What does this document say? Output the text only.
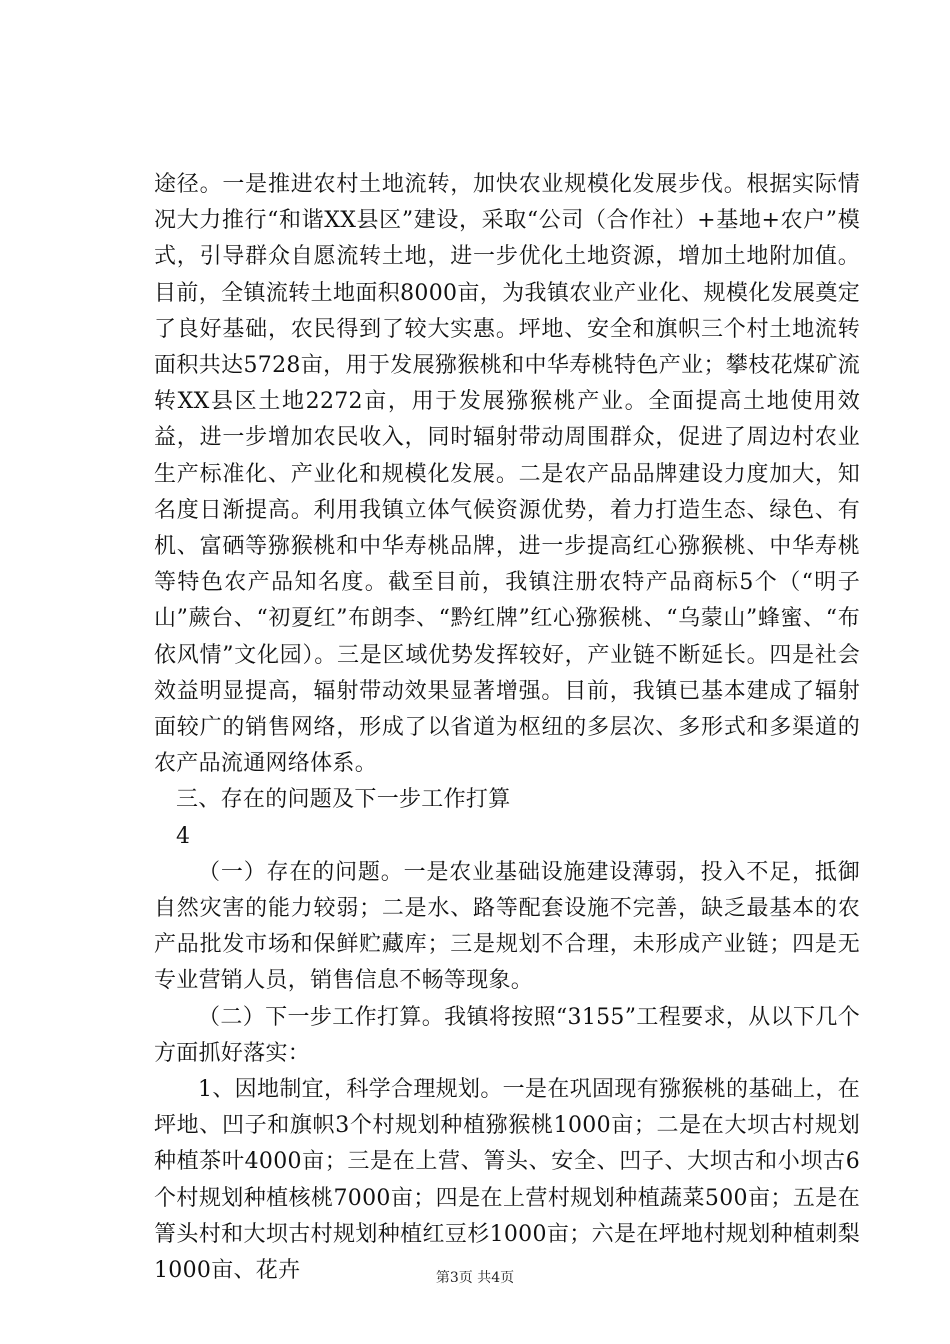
途径。一是推进农村土地流转，加快农业规模化发展步伐。根据实际情况大力推行“和谐XX县区”建设，采取“公司（合作社）+基地+农户”模式，引导群众自愿流转土地，进一步优化土地资源，增加土地附加值。目前，全镇流转土地面积8000亩，为我镇农业产业化、规模化发展奠定了良好基础，农民得到了较大实惠。坪地、安全和旗帜三个村土地流转面积共达5728亩，用于发展猕猴桃和中华寿桃特色产业；攀枝花煤矿流转XX县区土地2272亩，用于发展猕猴桃产业。全面提高土地使用效益，进一步增加农民收入，同时辐射带动周围群众，促进了周边村农业生产标准化、产业化和规模化发展。二是农产品品牌建设力度加大，知名度日渐提高。利用我镇立体气候资源优势，着力打造生态、绿色、有机、富硒等猕猴桃和中华寿桃品牌，进一步提高红心猕猴桃、中华寿桃等特色农产品知名度。截至目前，我镇注册农特产品商标5个（“明子山”蕨台、“初夏红”布朗李、“黔红牌”红心猕猴桃、“乌蒙山”蜂蜜、“布依风情”文化园）。三是区域优势发挥较好，产业链不断延长。四是社会效益明显提高，辐射带动效果显著增强。目前，我镇已基本建成了辐射面较广的销售网络，形成了以省道为枢纽的多层次、多形式和多渠道的农产品流通网络体系。

三、存在的问题及下一步工作打算

4

（一）存在的问题。一是农业基础设施建设薄弱，投入不足，抵御自然灾害的能力较弱；二是水、路等配套设施不完善，缺乏最基本的农产品批发市场和保鲜贮藏库；三是规划不合理，未形成产业链；四是无专业营销人员，销售信息不畅等现象。

（二）下一步工作打算。我镇将按照“3155”工程要求，从以下几个方面抓好落实：

1、因地制宜，科学合理规划。一是在巩固现有猕猴桃的基础上，在坪地、凹子和旗帜3个村规划种植猕猴桃1000亩；二是在大坝古村规划种植茶叶4000亩；三是在上营、箐头、安全、凹子、大坝古和小坝古6个村规划种植核桃7000亩；四是在上营村规划种植蔬菜500亩；五是在箐头村和大坝古村规划种植红豆杉1000亩；六是在坪地村规划种植刺梨1000亩、花卉	第3页 共4页
